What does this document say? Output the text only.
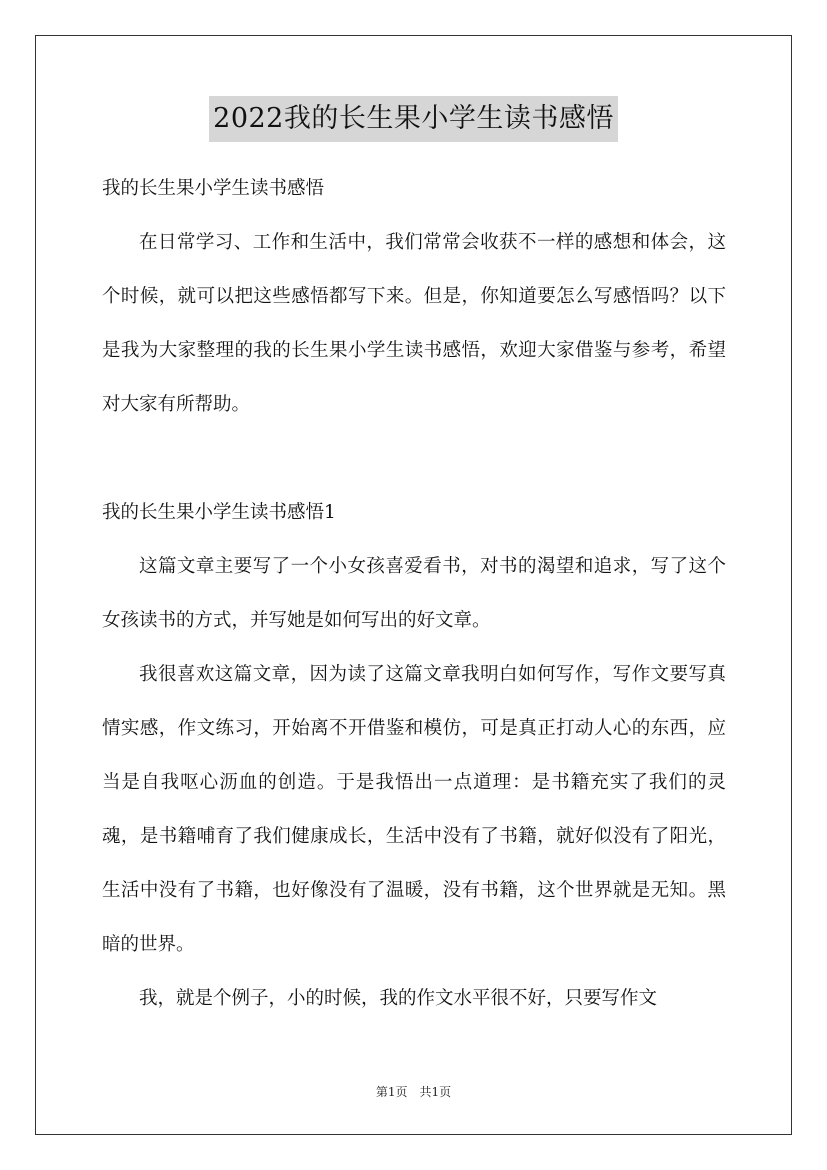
2022我的长生果小学生读书感悟

我的长生果小学生读书感悟

在日常学习、工作和生活中，我们常常会收获不一样的感想和体会，这个时候，就可以把这些感悟都写下来。但是，你知道要怎么写感悟吗？以下是我为大家整理的我的长生果小学生读书感悟，欢迎大家借鉴与参考，希望对大家有所帮助。

我的长生果小学生读书感悟1

这篇文章主要写了一个小女孩喜爱看书，对书的渴望和追求，写了这个女孩读书的方式，并写她是如何写出的好文章。

我很喜欢这篇文章，因为读了这篇文章我明白如何写作，写作文要写真情实感，作文练习，开始离不开借鉴和模仿，可是真正打动人心的东西，应当是自我呕心沥血的创造。于是我悟出一点道理：是书籍充实了我们的灵魂，是书籍哺育了我们健康成长，生活中没有了书籍，就好似没有了阳光，生活中没有了书籍，也好像没有了温暖，没有书籍，这个世界就是无知。黑暗的世界。

我，就是个例子，小的时候，我的作文水平很不好，只要写作文

第1页　共1页
